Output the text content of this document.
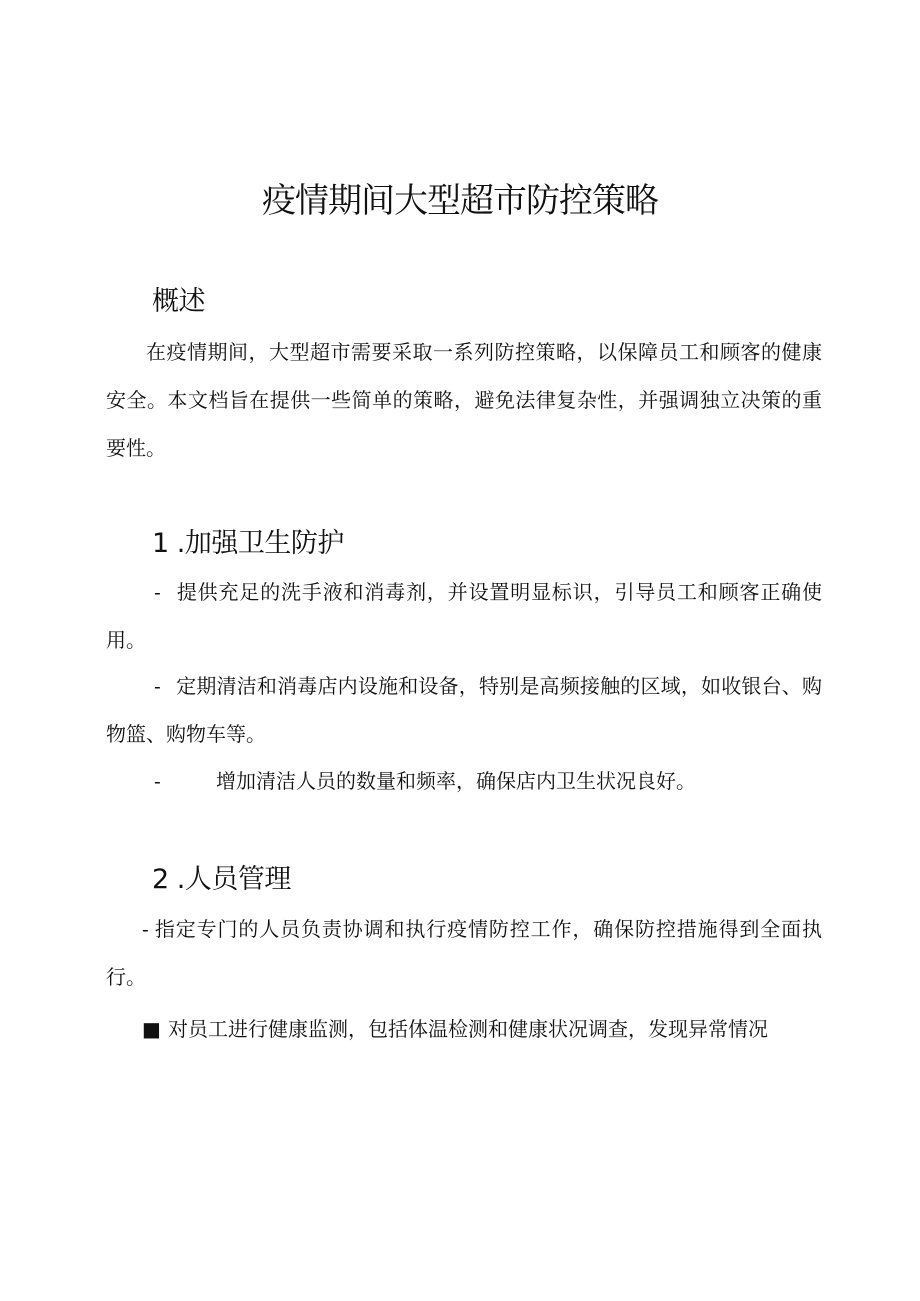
疫情期间大型超市防控策略
概述
在疫情期间，大型超市需要采取一系列防控策略，以保障员工和顾客的健康安全。本文档旨在提供一些简单的策略，避免法律复杂性，并强调独立决策的重要性。
1 .加强卫生防护
- 提供充足的洗手液和消毒剂，并设置明显标识，引导员工和顾客正确使用。
- 定期清洁和消毒店内设施和设备，特别是高频接触的区域，如收银台、购物篮、购物车等。
-	增加清洁人员的数量和频率，确保店内卫生状况良好。
2 .人员管理
- 指定专门的人员负责协调和执行疫情防控工作，确保防控措施得到全面执行。
■ 对员工进行健康监测，包括体温检测和健康状况调查，发现异常情况
